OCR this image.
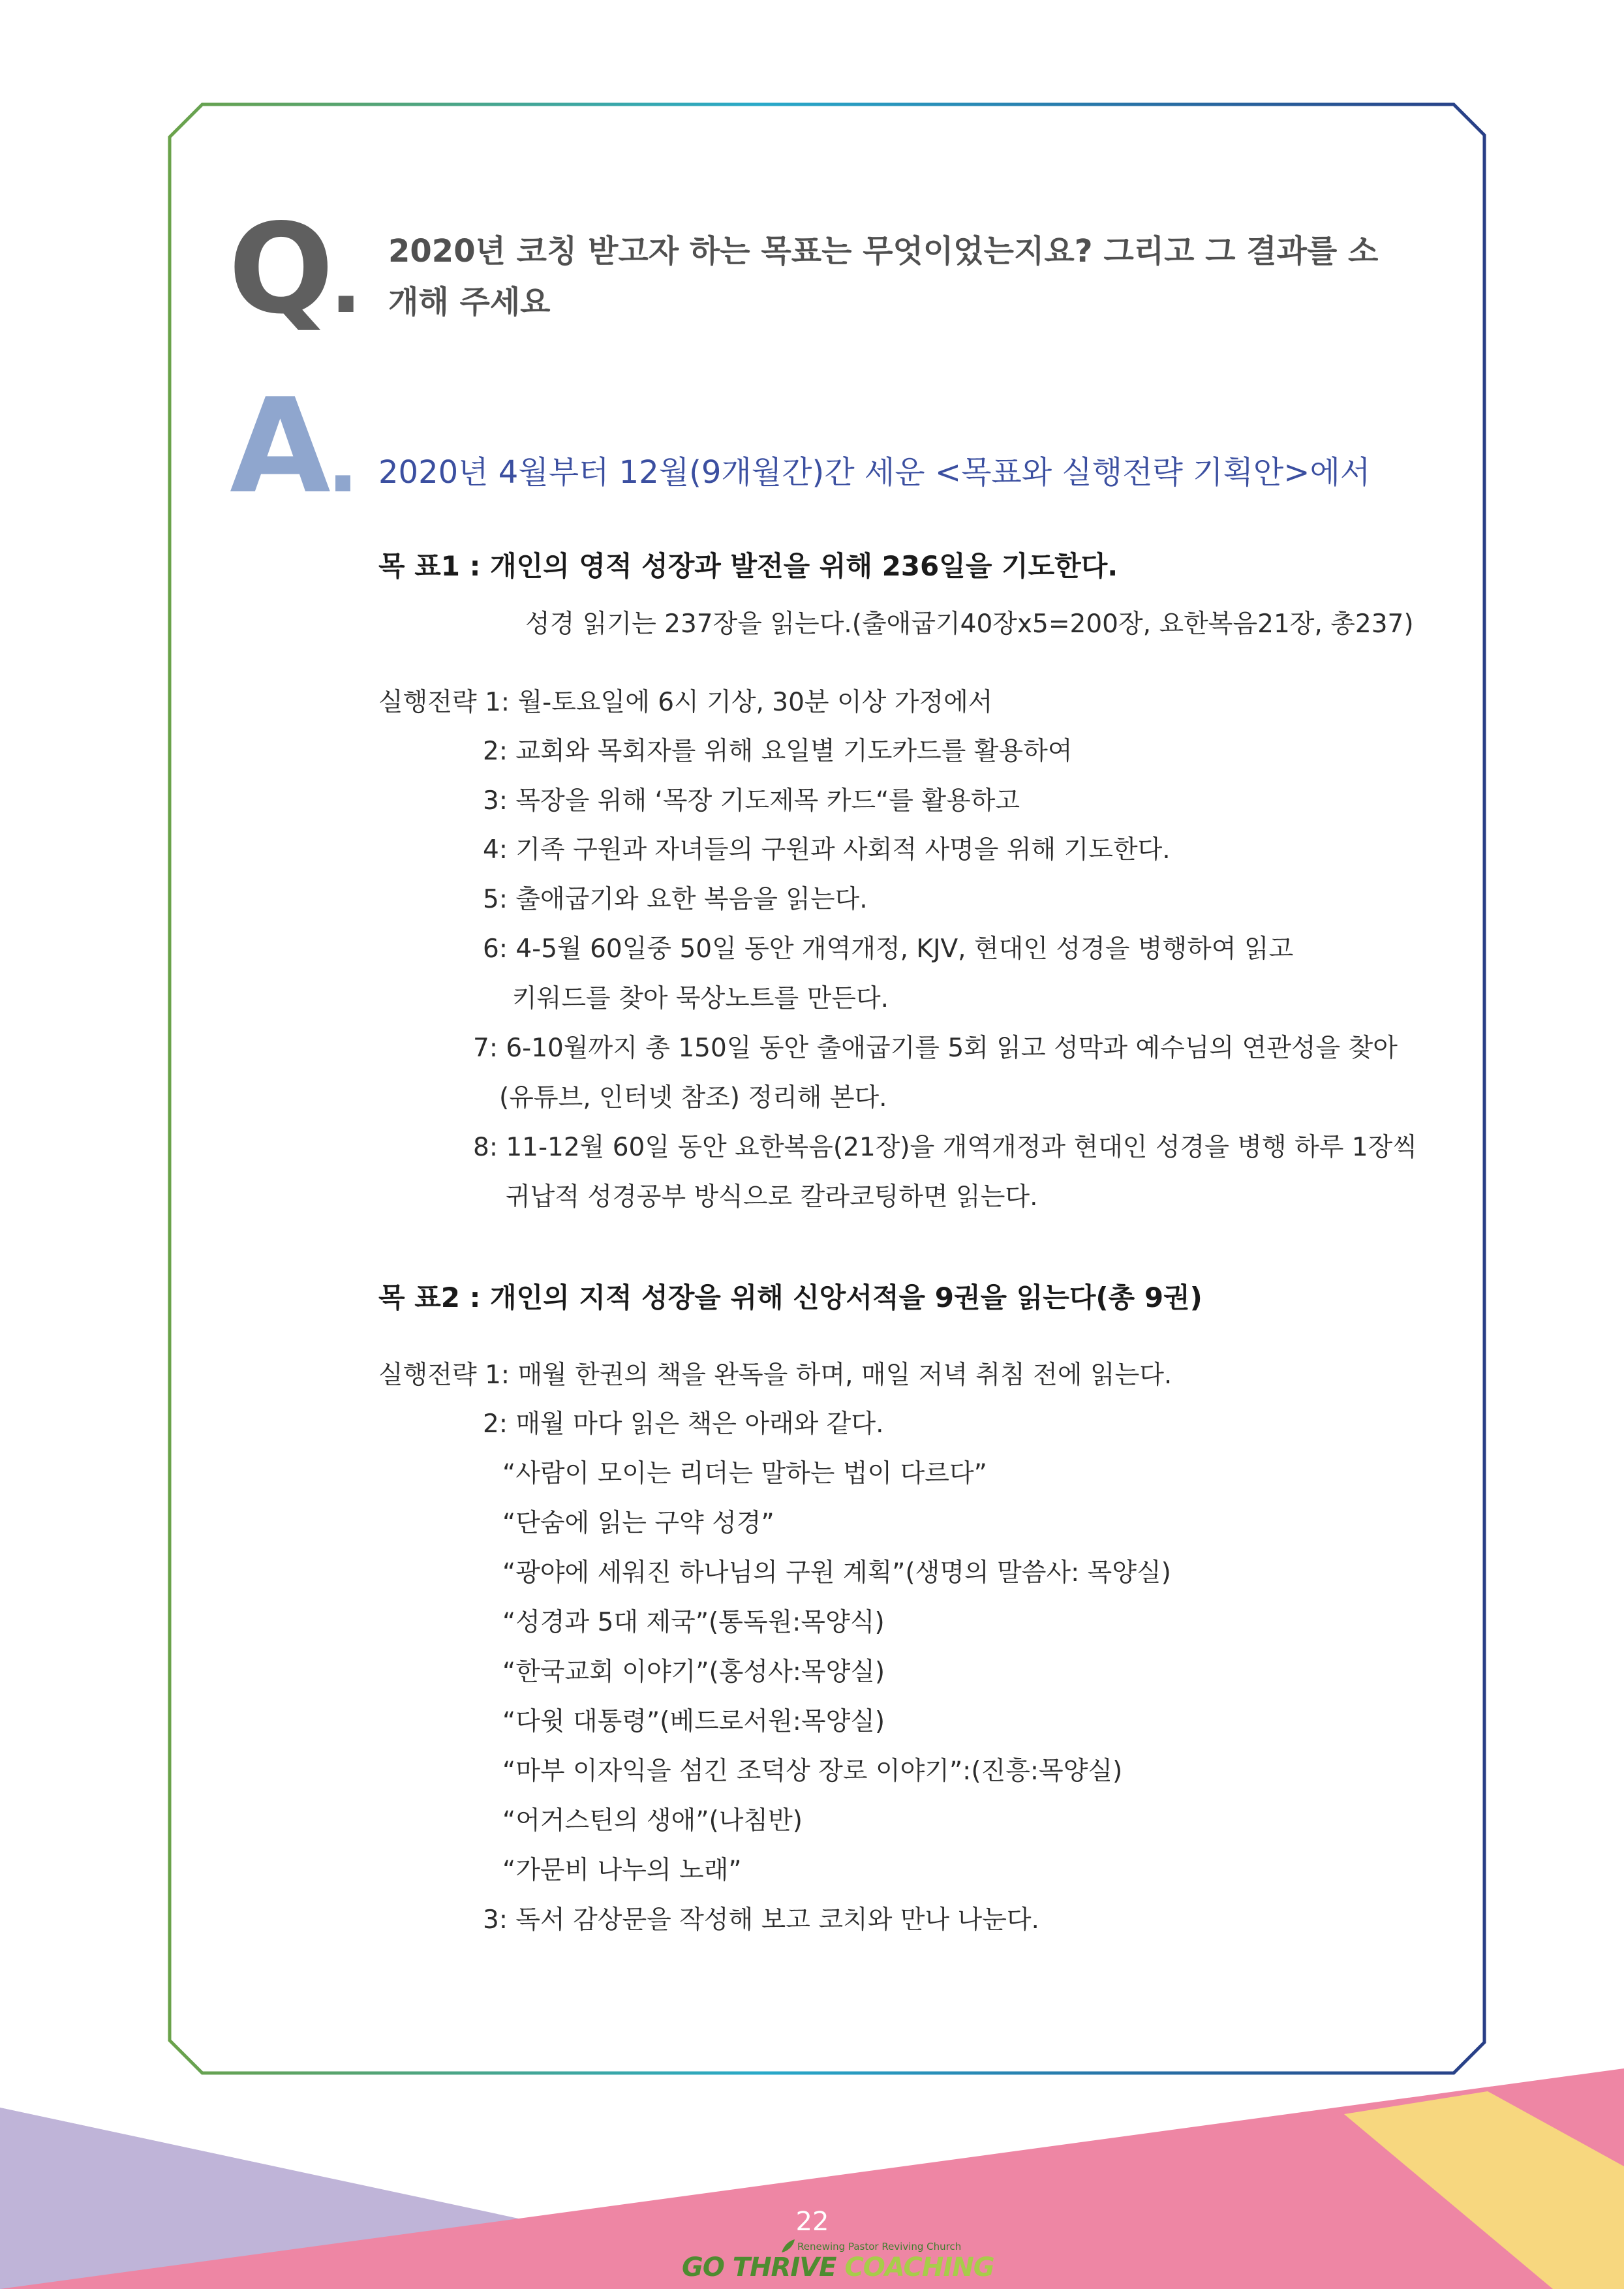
Q. 2020년 코칭 받고자 하는 목표는 무엇이었는지요? 그리고 그 결과를 소개해 주세요
A. 2020년 4월부터 12월(9개월간)간 세운 <목표와 실행전략 기획안>에서
목 표1 : 개인의 영적 성장과 발전을 위해 236일을 기도한다.
성경 읽기는 237장을 읽는다.(출애굽기40장x5=200장, 요한복음21장, 총237)
실행전략 1: 월-토요일에 6시 기상, 30분 이상 가정에서
2: 교회와 목회자를 위해 요일별 기도카드를 활용하여
3: 목장을 위해 ‘목장 기도제목 카드“를 활용하고
4: 기족 구원과 자녀들의 구원과 사회적 사명을 위해 기도한다.
5: 출애굽기와 요한 복음을 읽는다.
6: 4-5월 60일중 50일 동안 개역개정, KJV, 현대인 성경을 병행하여 읽고
키워드를 찾아 묵상노트를 만든다.
7: 6-10월까지 총 150일 동안 출애굽기를 5회 읽고 성막과 예수님의 연관성을 찾아
(유튜브, 인터넷 참조) 정리해 본다.
8: 11-12월 60일 동안 요한복음(21장)을 개역개정과 현대인 성경을 병행 하루 1장씩
귀납적 성경공부 방식으로 칼라코팅하면 읽는다.
목 표2 : 개인의 지적 성장을 위해 신앙서적을 9권을 읽는다(총 9권)
실행전략 1: 매월 한권의 책을 완독을 하며, 매일 저녁 취침 전에 읽는다.
2: 매월 마다 읽은 책은 아래와 같다.
“사람이 모이는 리더는 말하는 법이 다르다”
“단숨에 읽는 구약 성경”
“광야에 세워진 하나님의 구원 계획”(생명의 말씀사: 목양실)
“성경과 5대 제국”(통독원:목양식)
“한국교회 이야기”(홍성사:목양실)
“다윗 대통령”(베드로서원:목양실)
“마부 이자익을 섬긴 조덕상 장로 이야기”:(진흥:목양실)
“어거스틴의 생애”(나침반)
“가문비 나누의 노래”
3: 독서 감상문을 작성해 보고 코치와 만나 나눈다.
22
Renewing Pastor Reviving Church
GO THRIVE COACHING
